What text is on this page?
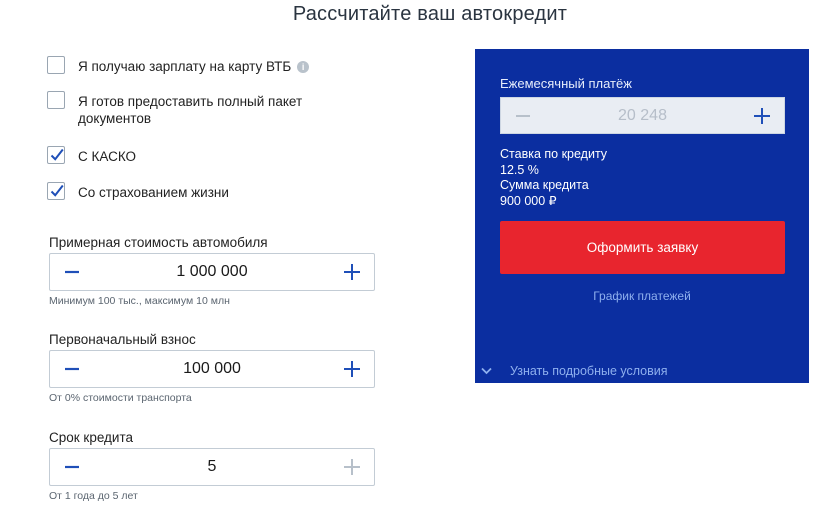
Рассчитайте ваш автокредит
Я получаю зарплату на карту ВТБ i
Я готов предоставить полный пакет документов
С КАСКО
Со страхованием жизни
Примерная стоимость автомобиля
1 000 000
Минимум 100 тыс., максимум 10 млн
Первоначальный взнос
100 000
От 0% стоимости транспорта
Срок кредита
5
От 1 года до 5 лет
Ежемесячный платёж
20 248
Ставка по кредиту
12.5 %
Сумма кредита
900 000 ₽
Оформить заявку
График платежей
Узнать подробные условия
